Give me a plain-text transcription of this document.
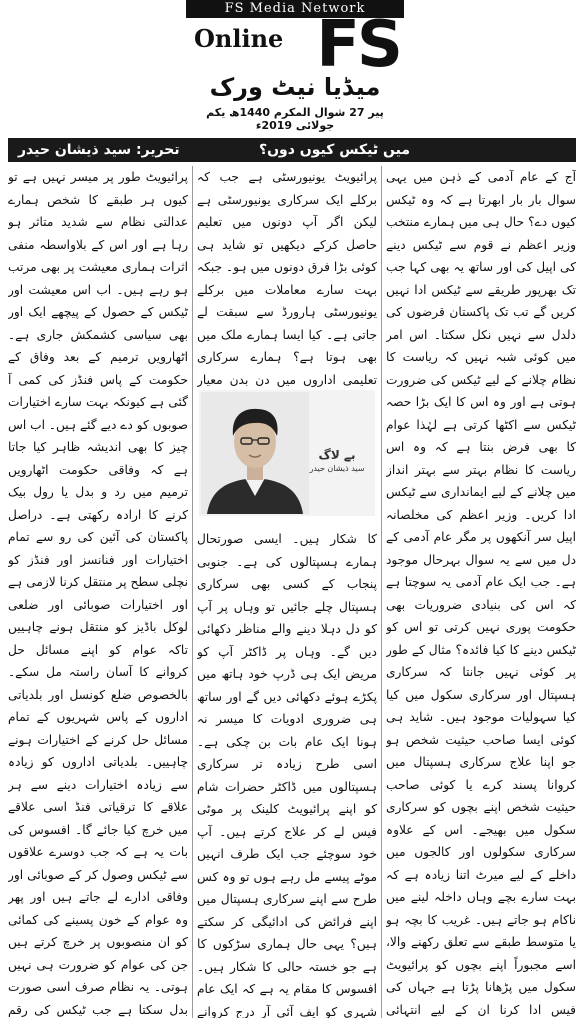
FS Media Network
Online FS
میڈیا نیٹ ورک
پیر 27 شوال المکرم 1440ھ یکم جولائی 2019ء
میں ٹیکس کیوں دوں؟
تحریر: سید ذیشان حیدر

آج کے عام آدمی کے ذہن میں یہی سوال بار بار ابھرتا ہے کہ وہ ٹیکس کیوں دے؟ حال ہی میں ہمارے منتخب وزیر اعظم نے قوم سے ٹیکس دینے کی اپیل کی اور ساتھ یہ بھی کہا جب تک بھرپور طریقے سے ٹیکس ادا نہیں کریں گے تب تک پاکستان قرضوں کی دلدل سے نہیں نکل سکتا۔ اس امر میں کوئی شبہ نہیں کہ ریاست کا نظام چلانے کے لیے ٹیکس کی ضرورت ہوتی ہے اور وہ اس کا ایک بڑا حصہ ٹیکس سے اکٹھا کرتی ہے لہٰذا عوام کا بھی فرض بنتا ہے کہ وہ اس ریاست کا نظام بہتر سے بہتر انداز میں چلانے کے لیے ایمانداری سے ٹیکس ادا کریں۔ وزیر اعظم کی مخلصانہ اپیل سر آنکھوں پر مگر عام آدمی کے دل میں سے یہ سوال بہرحال موجود ہے۔ جب ایک عام آدمی یہ سوچتا ہے کہ اس کی بنیادی ضروریات بھی حکومت پوری نہیں کرتی تو اس کو ٹیکس دینے کا کیا فائدہ؟ مثال کے طور پر کوئی نہیں جانتا کہ سرکاری ہسپتال اور سرکاری سکول میں کیا کیا سہولیات موجود ہیں۔ شاید ہی کوئی ایسا صاحب حیثیت شخص ہو جو اپنا علاج سرکاری ہسپتال میں کروانا پسند کرے یا کوئی صاحب حیثیت شخص اپنے بچوں کو سرکاری سکول میں بھیجے۔ اس کے علاوہ سرکاری سکولوں اور کالجوں میں داخلے کے لیے میرٹ اتنا زیادہ ہے کہ بہت سارے بچے وہاں داخلہ لینے میں ناکام ہو جاتے ہیں۔ غریب کا بچہ ہو یا متوسط طبقے سے تعلق رکھنے والا، اسے مجبوراً اپنے بچوں کو پرائیویٹ سکول میں پڑھانا پڑتا ہے جہاں کی فیس ادا کرنا ان کے لیے انتہائی

پرائیویٹ یونیورسٹی ہے جب کہ برکلے ایک سرکاری یونیورسٹی ہے لیکن اگر آپ دونوں میں تعلیم حاصل کرکے دیکھیں تو شاید ہی کوئی بڑا فرق دونوں میں ہو۔ جبکہ بہت سارے معاملات میں برکلے یونیورسٹی ہارورڈ سے سبقت لے جاتی ہے۔ کیا ایسا ہمارے ملک میں بھی ہوتا ہے؟ ہمارے سرکاری تعلیمی اداروں میں دن بدن معیار

کا شکار ہیں۔ ایسی صورتحال ہمارے ہسپتالوں کی ہے۔ جنوبی پنجاب کے کسی بھی سرکاری ہسپتال چلے جائیں تو وہاں پر آپ کو دل دہلا دینے والے مناظر دکھائی دیں گے۔ وہاں پر ڈاکٹر آپ کو مریض ایک ہی ڈرپ خود ہاتھ میں پکڑے ہوئے دکھائی دیں گے اور ساتھ ہی ضروری ادویات کا میسر نہ ہونا ایک عام بات بن چکی ہے۔ اسی طرح زیادہ تر سرکاری ہسپتالوں میں ڈاکٹر حضرات شام کو اپنے پرائیویٹ کلینک پر موٹی فیس لے کر علاج کرتے ہیں۔ آپ خود سوچئے جب ایک طرف انہیں موٹے پیسے مل رہے ہوں تو وہ کس طرح سے اپنے سرکاری ہسپتال میں اپنے فرائض کی ادائیگی کر سکتے ہیں؟ یہی حال ہماری سڑکوں کا ہے جو خستہ حالی کا شکار ہیں۔ افسوس کا مقام یہ ہے کہ ایک عام شہری کو ایف آئی آر درج کروانے

بے لاگ
سید ذیشان حیدر

پرائیویٹ طور پر میسر نہیں ہے تو کیوں ہر طبقے کا شخص ہمارے عدالتی نظام سے شدید متاثر ہو رہا ہے اور اس کے بلاواسطہ منفی اثرات ہماری معیشت پر بھی مرتب ہو رہے ہیں۔ اب اس معیشت اور ٹیکس کے حصول کے پیچھے ایک اور بھی سیاسی کشمکش جاری ہے۔ اٹھارویں ترمیم کے بعد وفاق کے حکومت کے پاس فنڈز کی کمی آ گئی ہے کیونکہ بہت سارے اختیارات صوبوں کو دے دیے گئے ہیں۔ اب اس چیز کا بھی اندیشہ ظاہر کیا جاتا ہے کہ وفاقی حکومت اٹھارویں ترمیم میں رد و بدل یا رول بیک کرنے کا ارادہ رکھتی ہے۔ دراصل پاکستان کی آئین کی رو سے تمام اختیارات اور فنانسز اور فنڈز کو نچلی سطح پر منتقل کرنا لازمی ہے اور اختیارات صوبائی اور ضلعی لوکل باڈیز کو منتقل ہونے چاہییں تاکہ عوام کو اپنے مسائل حل کروانے کا آسان راستہ مل سکے۔ بالخصوص ضلع کونسل اور بلدیاتی اداروں کے پاس شہریوں کے تمام مسائل حل کرنے کے اختیارات ہونے چاہییں۔ بلدیاتی اداروں کو زیادہ سے زیادہ اختیارات دینے سے ہر علاقے کا ترقیاتی فنڈ اسی علاقے میں خرچ کیا جائے گا۔ افسوس کی بات یہ ہے کہ جب دوسرے علاقوں سے ٹیکس وصول کر کے صوبائی اور وفاقی ادارے لے جاتے ہیں اور پھر وہ عوام کے خون پسینے کی کمائی کو ان منصوبوں پر خرچ کرتے ہیں جن کی عوام کو ضرورت ہی نہیں ہوتی۔ یہ نظام صرف اسی صورت بدل سکتا ہے جب ٹیکس کی رقم
